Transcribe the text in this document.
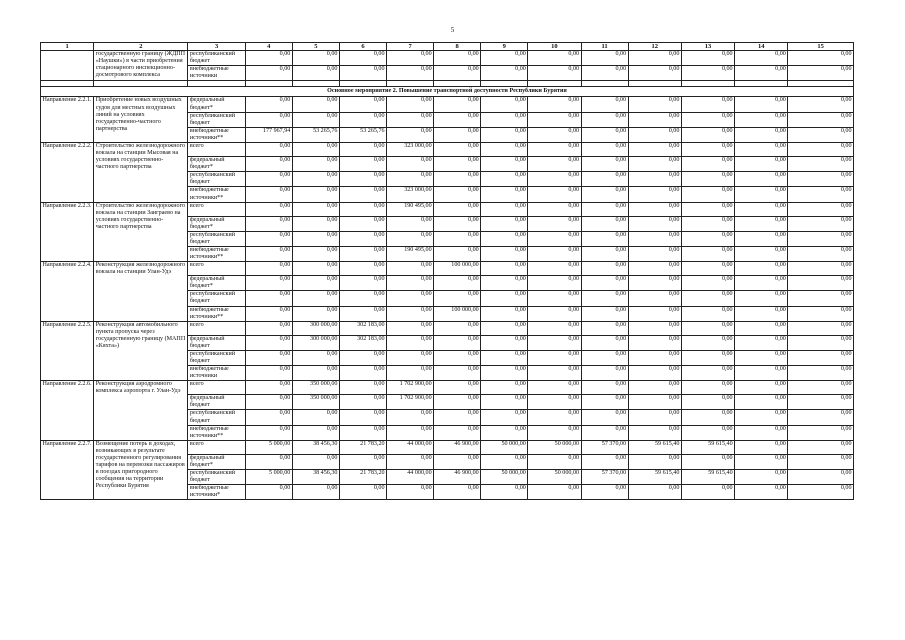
5
1	2	3	4	5	6	7	8	9	10	11	12	13	14	15
	государственную границу (ЖДПП «Наушки») в части приобретения стационарного инспекционно-досмотрового комплекса	республиканский бюджет	0,00	0,00	0,00	0,00	0,00	0,00	0,00	0,00	0,00	0,00	0,00	0,00
		внебюджетные источники	0,00	0,00	0,00	0,00	0,00	0,00	0,00	0,00	0,00	0,00	0,00	0,00

Основное мероприятие 2. Повышение транспортной доступности Республики Бурятия														
Направление 2.2.1.	Приобретение новых воздушных судов для местных воздушных линий на условиях государственно-частного партнерства	федеральный бюджет*	0,00	0,00	0,00	0,00	0,00	0,00	0,00	0,00	0,00	0,00	0,00	0,00
		республиканский бюджет	0,00	0,00	0,00	0,00	0,00	0,00	0,00	0,00	0,00	0,00	0,00	0,00
		внебюджетные источники**	177 967,94	53 265,76	53 265,76	0,00	0,00	0,00	0,00	0,00	0,00	0,00	0,00	0,00
Направление 2.2.2.	Строительство железнодорожного вокзала на станции Мысовая на условиях государственно-частного партнерства	всего	0,00	0,00	0,00	323 000,00	0,00	0,00	0,00	0,00	0,00	0,00	0,00	0,00
		федеральный бюджет*	0,00	0,00	0,00	0,00	0,00	0,00	0,00	0,00	0,00	0,00	0,00	0,00
		республиканский бюджет	0,00	0,00	0,00	0,00	0,00	0,00	0,00	0,00	0,00	0,00	0,00	0,00
		внебюджетные источники**	0,00	0,00	0,00	323 000,00	0,00	0,00	0,00	0,00	0,00	0,00	0,00	0,00
Направление 2.2.3.	Строительство железнодорожного вокзала на станции Заиграево на условиях государственно-частного партнерства	всего	0,00	0,00	0,00	190 495,00	0,00	0,00	0,00	0,00	0,00	0,00	0,00	0,00
		федеральный бюджет*	0,00	0,00	0,00	0,00	0,00	0,00	0,00	0,00	0,00	0,00	0,00	0,00
		республиканский бюджет	0,00	0,00	0,00	0,00	0,00	0,00	0,00	0,00	0,00	0,00	0,00	0,00
		внебюджетные источники**	0,00	0,00	0,00	190 495,00	0,00	0,00	0,00	0,00	0,00	0,00	0,00	0,00
Направление 2.2.4.	Реконструкция железнодорожного вокзала на станции Улан-Удэ	всего	0,00	0,00	0,00	0,00	100 000,00	0,00	0,00	0,00	0,00	0,00	0,00	0,00
		федеральный бюджет*	0,00	0,00	0,00	0,00	0,00	0,00	0,00	0,00	0,00	0,00	0,00	0,00
		республиканский бюджет	0,00	0,00	0,00	0,00	0,00	0,00	0,00	0,00	0,00	0,00	0,00	0,00
		внебюджетные источники**	0,00	0,00	0,00	0,00	100 000,00	0,00	0,00	0,00	0,00	0,00	0,00	0,00
Направление 2.2.5.	Реконструкция автомобильного пункта пропуска через государственную границу (МАПП «Кяхта»)	всего	0,00	300 000,00	302 183,00	0,00	0,00	0,00	0,00	0,00	0,00	0,00	0,00	0,00
		федеральный бюджет	0,00	300 000,00	302 183,00	0,00	0,00	0,00	0,00	0,00	0,00	0,00	0,00	0,00
		республиканский бюджет	0,00	0,00	0,00	0,00	0,00	0,00	0,00	0,00	0,00	0,00	0,00	0,00
		внебюджетные источники	0,00	0,00	0,00	0,00	0,00	0,00	0,00	0,00	0,00	0,00	0,00	0,00
Направление 2.2.6.	Реконструкция аэродромного комплекса аэропорта г. Улан-Удэ	всего	0,00	350 000,00	0,00	1 702 900,00	0,00	0,00	0,00	0,00	0,00	0,00	0,00	0,00
		федеральный бюджет	0,00	350 000,00	0,00	1 702 900,00	0,00	0,00	0,00	0,00	0,00	0,00	0,00	0,00
		республиканский бюджет	0,00	0,00	0,00	0,00	0,00	0,00	0,00	0,00	0,00	0,00	0,00	0,00
		внебюджетные источники**	0,00	0,00	0,00	0,00	0,00	0,00	0,00	0,00	0,00	0,00	0,00	0,00
Направление 2.2.7.	Возмещение потерь в доходах, возникающих в результате государственного регулирования тарифов на перевозки пассажиров в поездах пригородного сообщения на территории Республики Бурятия	всего	5 000,00	38 456,30	21 783,20	44 000,00	46 900,00	50 000,00	50 000,00	57 370,00	59 615,40	59 615,40	0,00	0,00
		федеральный бюджет*	0,00	0,00	0,00	0,00	0,00	0,00	0,00	0,00	0,00	0,00	0,00	0,00
		республиканский бюджет	5 000,00	38 456,30	21 783,20	44 000,00	46 900,00	50 000,00	50 000,00	57 370,00	59 615,40	59 615,40	0,00	0,00
		внебюджетные источники*	0,00	0,00	0,00	0,00	0,00	0,00	0,00	0,00	0,00	0,00	0,00	0,00
